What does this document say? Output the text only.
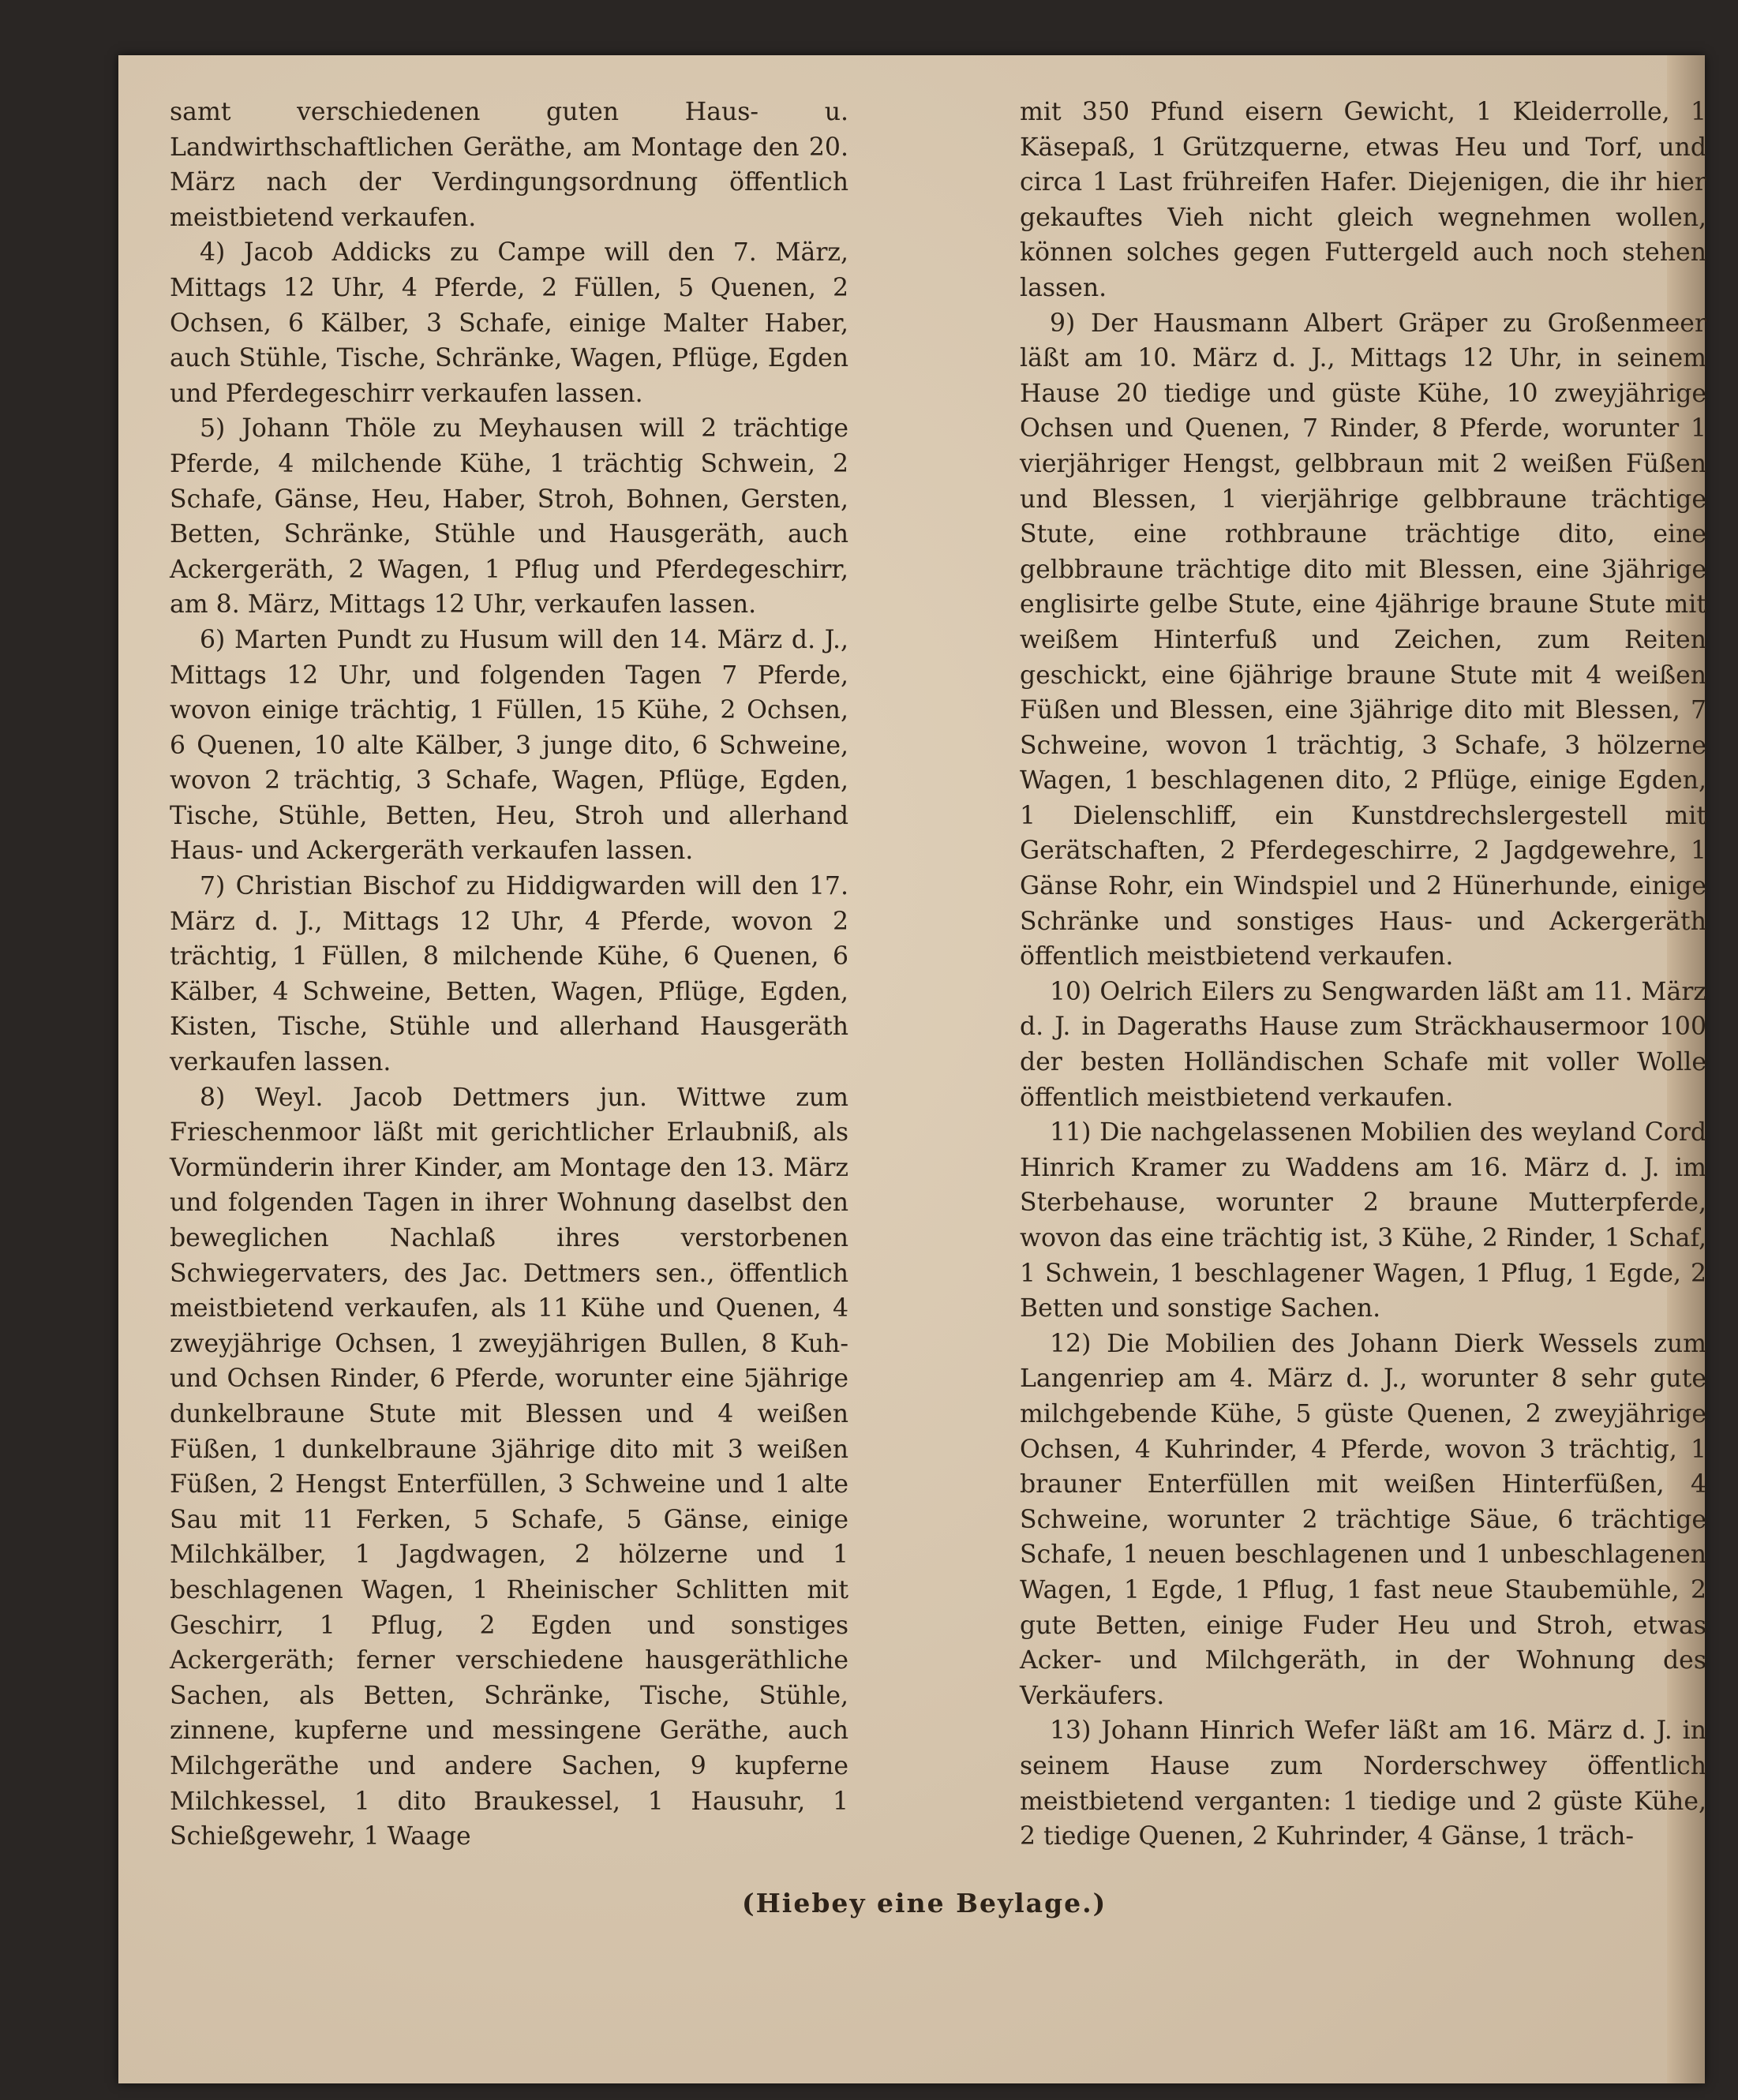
samt verschiedenen guten Haus- u. Landwirthschaftlichen Geräthe, am Montage den 20. März nach der Verdingungsordnung öffentlich meistbietend verkaufen.

4) Jacob Addicks zu Campe will den 7. März, Mittags 12 Uhr, 4 Pferde, 2 Füllen, 5 Quenen, 2 Ochsen, 6 Kälber, 3 Schafe, einige Malter Haber, auch Stühle, Tische, Schränke, Wagen, Pflüge, Egden und Pferdegeschirr verkaufen lassen.

5) Johann Thöle zu Meyhausen will 2 trächtige Pferde, 4 milchende Kühe, 1 trächtig Schwein, 2 Schafe, Gänse, Heu, Haber, Stroh, Bohnen, Gersten, Betten, Schränke, Stühle und Hausgeräth, auch Ackergeräth, 2 Wagen, 1 Pflug und Pferdegeschirr, am 8. März, Mittags 12 Uhr, verkaufen lassen.

6) Marten Pundt zu Husum will den 14. März d. J., Mittags 12 Uhr, und folgenden Tagen 7 Pferde, wovon einige trächtig, 1 Füllen, 15 Kühe, 2 Ochsen, 6 Quenen, 10 alte Kälber, 3 junge dito, 6 Schweine, wovon 2 trächtig, 3 Schafe, Wagen, Pflüge, Egden, Tische, Stühle, Betten, Heu, Stroh und allerhand Haus- und Ackergeräth verkaufen lassen.

7) Christian Bischof zu Hiddigwarden will den 17. März d. J., Mittags 12 Uhr, 4 Pferde, wovon 2 trächtig, 1 Füllen, 8 milchende Kühe, 6 Quenen, 6 Kälber, 4 Schweine, Betten, Wagen, Pflüge, Egden, Kisten, Tische, Stühle und allerhand Hausgeräth verkaufen lassen.

8) Weyl. Jacob Dettmers jun. Wittwe zum Frieschenmoor läßt mit gerichtlicher Erlaubniß, als Vormünderin ihrer Kinder, am Montage den 13. März und folgenden Tagen in ihrer Wohnung daselbst den beweglichen Nachlaß ihres verstorbenen Schwiegervaters, des Jac. Dettmers sen., öffentlich meistbietend verkaufen, als 11 Kühe und Quenen, 4 zweyjährige Ochsen, 1 zweyjährigen Bullen, 8 Kuh- und Ochsen Rinder, 6 Pferde, worunter eine 5jährige dunkelbraune Stute mit Blessen und 4 weißen Füßen, 1 dunkelbraune 3jährige dito mit 3 weißen Füßen, 2 Hengst Enterfüllen, 3 Schweine und 1 alte Sau mit 11 Ferken, 5 Schafe, 5 Gänse, einige Milchkälber, 1 Jagdwagen, 2 hölzerne und 1 beschlagenen Wagen, 1 Rheinischer Schlitten mit Geschirr, 1 Pflug, 2 Egden und sonstiges Ackergeräth; ferner verschiedene hausgeräthliche Sachen, als Betten, Schränke, Tische, Stühle, zinnene, kupferne und messingene Geräthe, auch Milchgeräthe und andere Sachen, 9 kupferne Milchkessel, 1 dito Braukessel, 1 Hausuhr, 1 Schießgewehr, 1 Waage

mit 350 Pfund eisern Gewicht, 1 Kleiderrolle, 1 Käsepaß, 1 Grützquerne, etwas Heu und Torf, und circa 1 Last frühreifen Hafer. Diejenigen, die ihr hier gekauftes Vieh nicht gleich wegnehmen wollen, können solches gegen Futtergeld auch noch stehen lassen.

9) Der Hausmann Albert Gräper zu Großenmeer läßt am 10. März d. J., Mittags 12 Uhr, in seinem Hause 20 tiedige und güste Kühe, 10 zweyjährige Ochsen und Quenen, 7 Rinder, 8 Pferde, worunter 1 vierjähriger Hengst, gelbbraun mit 2 weißen Füßen und Blessen, 1 vierjährige gelbbraune trächtige Stute, eine rothbraune trächtige dito, eine gelbbraune trächtige dito mit Blessen, eine 3jährige englisirte gelbe Stute, eine 4jährige braune Stute mit weißem Hinterfuß und Zeichen, zum Reiten geschickt, eine 6jährige braune Stute mit 4 weißen Füßen und Blessen, eine 3jährige dito mit Blessen, 7 Schweine, wovon 1 trächtig, 3 Schafe, 3 hölzerne Wagen, 1 beschlagenen dito, 2 Pflüge, einige Egden, 1 Dielenschliff, ein Kunstdrechslergestell mit Gerätschaften, 2 Pferdegeschirre, 2 Jagdgewehre, 1 Gänse Rohr, ein Windspiel und 2 Hünerhunde, einige Schränke und sonstiges Haus- und Ackergeräth öffentlich meistbietend verkaufen.

10) Oelrich Eilers zu Sengwarden läßt am 11. März d. J. in Dageraths Hause zum Sträckhausermoor 100 der besten Holländischen Schafe mit voller Wolle öffentlich meistbietend verkaufen.

11) Die nachgelassenen Mobilien des weyland Cord Hinrich Kramer zu Waddens am 16. März d. J. im Sterbehause, worunter 2 braune Mutterpferde, wovon das eine trächtig ist, 3 Kühe, 2 Rinder, 1 Schaf, 1 Schwein, 1 beschlagener Wagen, 1 Pflug, 1 Egde, 2 Betten und sonstige Sachen.

12) Die Mobilien des Johann Dierk Wessels zum Langenriep am 4. März d. J., worunter 8 sehr gute milchgebende Kühe, 5 güste Quenen, 2 zweyjährige Ochsen, 4 Kuhrinder, 4 Pferde, wovon 3 trächtig, 1 brauner Enterfüllen mit weißen Hinterfüßen, 4 Schweine, worunter 2 trächtige Säue, 6 trächtige Schafe, 1 neuen beschlagenen und 1 unbeschlagenen Wagen, 1 Egde, 1 Pflug, 1 fast neue Staubemühle, 2 gute Betten, einige Fuder Heu und Stroh, etwas Acker- und Milchgeräth, in der Wohnung des Verkäufers.

13) Johann Hinrich Wefer läßt am 16. März d. J. in seinem Hause zum Norderschwey öffentlich meistbietend verganten: 1 tiedige und 2 güste Kühe, 2 tiedige Quenen, 2 Kuhrinder, 4 Gänse, 1 träch-

(Hiebey eine Beylage.)
